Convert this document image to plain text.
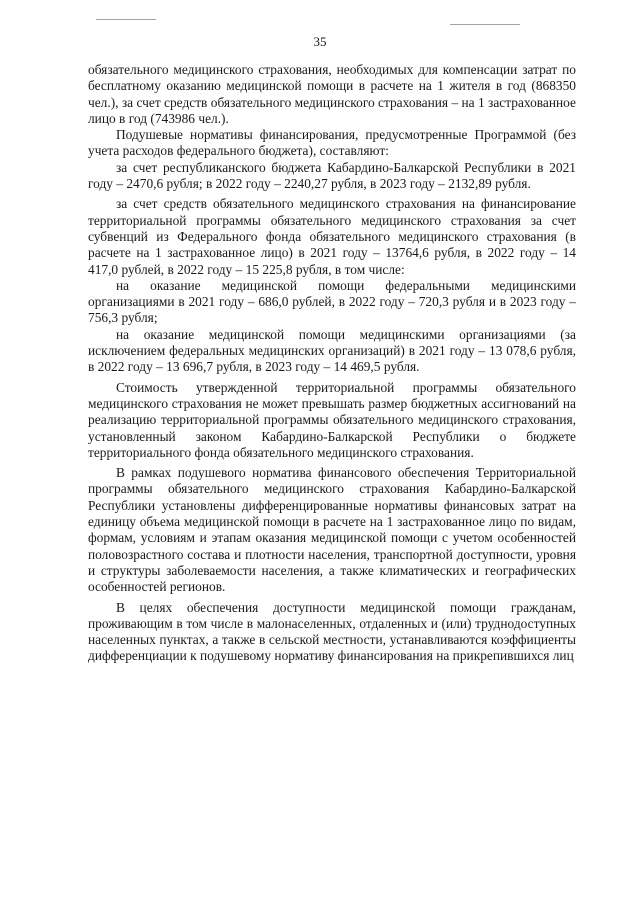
35

обязательного медицинского страхования, необходимых для компенсации затрат по бесплатному оказанию медицинской помощи в расчете на 1 жителя в год (868350 чел.), за счет средств обязательного медицинского страхования – на 1 застрахованное лицо в год (743986 чел.).

Подушевые нормативы финансирования, предусмотренные Программой (без учета расходов федерального бюджета), составляют:

за счет республиканского бюджета Кабардино-Балкарской Республики в 2021 году – 2470,6 рубля; в 2022 году – 2240,27 рубля, в 2023 году – 2132,89 рубля.

за счет средств обязательного медицинского страхования на финансирование территориальной программы обязательного медицинского страхования за счет субвенций из Федерального фонда обязательного медицинского страхования (в расчете на 1 застрахованное лицо) в 2021 году – 13764,6 рубля, в 2022 году – 14 417,0 рублей, в 2022 году – 15 225,8 рубля, в том числе:

на оказание медицинской помощи федеральными медицинскими организациями в 2021 году – 686,0 рублей, в 2022 году – 720,3 рубля и в 2023 году – 756,3 рубля;

на оказание медицинской помощи медицинскими организациями (за исключением федеральных медицинских организаций) в 2021 году – 13 078,6 рубля, в 2022 году – 13 696,7 рубля, в 2023 году – 14 469,5 рубля.

Стоимость утвержденной территориальной программы обязательного медицинского страхования не может превышать размер бюджетных ассигнований на реализацию территориальной программы обязательного медицинского страхования, установленный законом Кабардино-Балкарской Республики о бюджете территориального фонда обязательного медицинского страхования.

В рамках подушевого норматива финансового обеспечения Территориальной программы обязательного медицинского страхования Кабардино-Балкарской Республики установлены дифференцированные нормативы финансовых затрат на единицу объема медицинской помощи в расчете на 1 застрахованное лицо по видам, формам, условиям и этапам оказания медицинской помощи с учетом особенностей половозрастного состава и плотности населения, транспортной доступности, уровня и структуры заболеваемости населения, а также климатических и географических особенностей регионов.

В целях обеспечения доступности медицинской помощи гражданам, проживающим в том числе в малонаселенных, отдаленных и (или) труднодоступных населенных пунктах, а также в сельской местности, устанавливаются коэффициенты дифференциации к подушевому нормативу финансирования на прикрепившихся лиц
